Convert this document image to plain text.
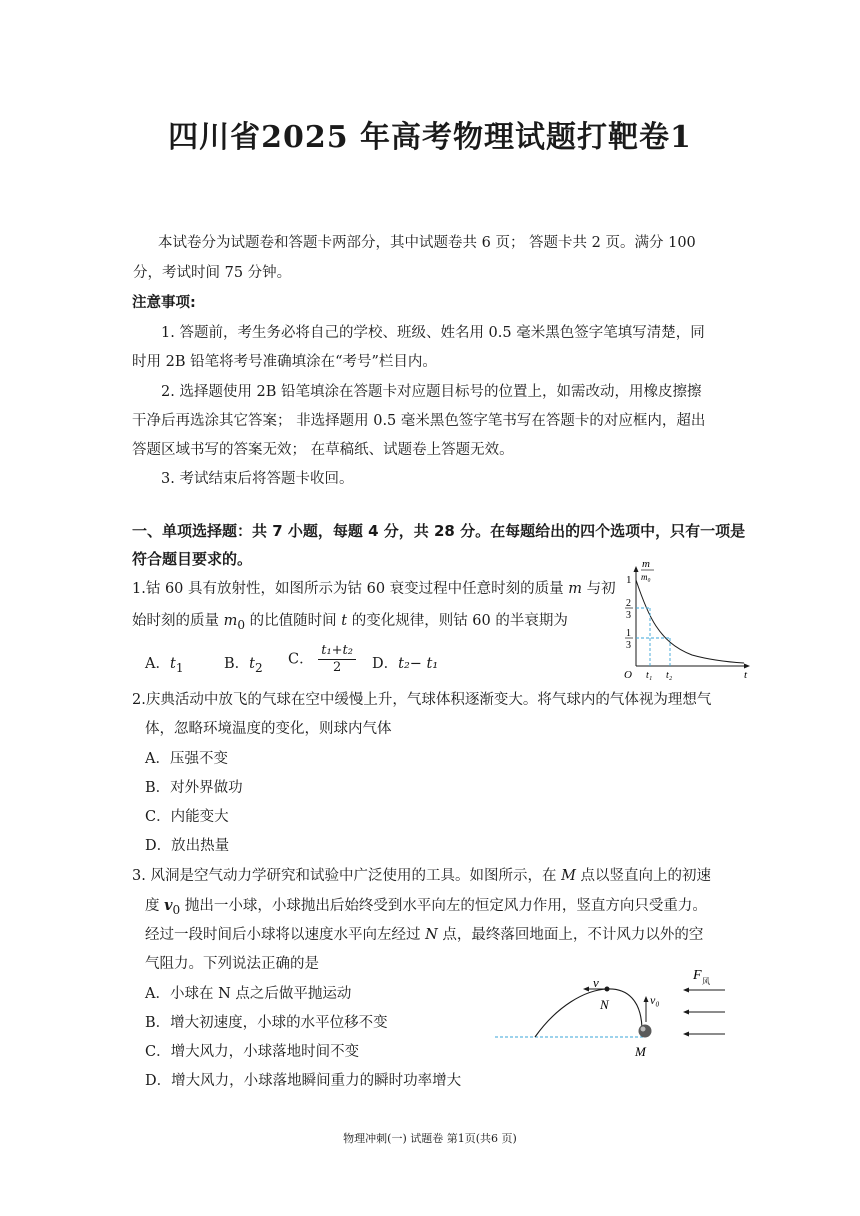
四川省2025 年高考物理试题打靶卷1
本试卷分为试题卷和答题卡两部分，其中试题卷共 6 页； 答题卡共 2 页。满分 100
分，考试时间 75 分钟。
注意事项:
1. 答题前，考生务必将自己的学校、班级、姓名用 0.5 毫米黑色签字笔填写清楚，同
时用 2B 铅笔将考号准确填涂在“考号”栏目内。
2. 选择题使用 2B 铅笔填涂在答题卡对应题目标号的位置上，如需改动，用橡皮擦擦
干净后再选涂其它答案； 非选择题用 0.5 毫米黑色签字笔书写在答题卡的对应框内，超出
答题区域书写的答案无效； 在草稿纸、试题卷上答题无效。
3. 考试结束后将答题卡收回。
一、单项选择题：共 7 小题，每题 4 分，共 28 分。在每题给出的四个选项中，只有一项是
符合题目要求的。
1.钴 60 具有放射性，如图所示为钴 60 衰变过程中任意时刻的质量 m 与初
始时刻的质量 $m_0$ 的比值随时间 t 的变化规律，则钴 60 的半衰期为
A．$t_1$	B．$t_2$
C． $\frac{\text{t₁+t₂}}{2}$ D．t₂− t₁
m
m₀
1
2
3
1
3
O t₁ t₂	t
2.庆典活动中放飞的气球在空中缓慢上升，气球体积逐渐变大。将气球内的气体视为理想气
体，忽略环境温度的变化，则球内气体
A．压强不变
B．对外界做功
C．内能变大
D．放出热量
3. 风洞是空气动力学研究和试验中广泛使用的工具。如图所示，在 M 点以竖直向上的初速
度 $v_0$ 抛出一小球，小球抛出后始终受到水平向左的恒定风力作用，竖直方向只受重力。
经过一段时间后小球将以速度水平向左经过 N 点，最终落回地面上，不计风力以外的空
气阻力。下列说法正确的是
A．小球在 N 点之后做平抛运动
B．增大初速度，小球的水平位移不变
C．增大风力，小球落地时间不变
D．增大风力，小球落地瞬间重力的瞬时功率增大
v
N	v₀
M
F 风
物理冲刺(一) 试题卷 第1页(共6 页)
